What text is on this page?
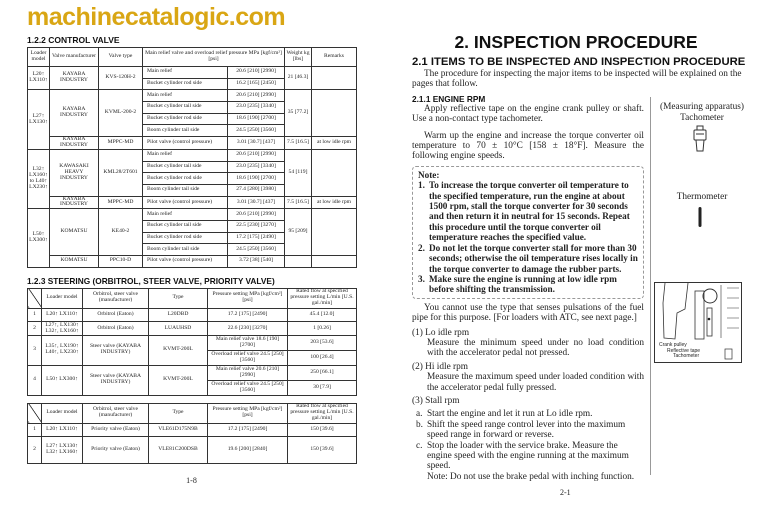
machinecatalogic.com
1.2.2 CONTROL VALVE
Loader model	Valve manufacturer	Valve type	Main relief valve and overload relief pressure MPa [kgf/cm²] [psi]		Weight kg [lbs]	Remarks
L20↑ LX110↑	KAYABA INDUSTRY	KVS-120H-2	Main relief	20.6 [210] [2990]	21 [46.3]	
			Bucket cylinder rod side	16.2 [165] [2450]		
L27↑ LX130↑	KAYABA INDUSTRY	KVML-200-2	Main relief	20.6 [210] [2990]	35 [77.2]	
			Bucket cylinder tail side	23.0 [235] [3340]		
			Bucket cylinder rod side	18.6 [190] [2700]		
			Boom cylinder tail side	24.5 [250] [3560]		
	KAYABA INDUSTRY	MPPC-MD	Pilot valve (control pressure)	3.01 [30.7] [437]	7.5 [16.5]	at low idle rpm
L32↑ LX160↑ to L40↑ LX230↑	KAWASAKI HEAVY INDUSTRY	KML28/2T601	Main relief	20.6 [210] [2990]	54 [119]	
			Bucket cylinder tail side	23.0 [235] [3340]		
			Bucket cylinder rod side	18.6 [190] [2700]		
			Boom cylinder tail side	27.4 [280] [3980]		
	KAYABA INDUSTRY	MPPC-MD	Pilot valve (control pressure)	3.01 [30.7] [437]	7.5 [16.5]	at low idle rpm
L50↑ LX300↑	KOMATSU	KE40-2	Main relief	20.6 [210] [2990]	95 [209]	
			Bucket cylinder tail side	22.5 [230] [3270]		
			Bucket cylinder rod side	17.2 [175] [2490]		
			Boom cylinder tail side	24.5 [250] [3560]		
	KOMATSU	PPC10-D	Pilot valve (control pressure)	3.72 [38] [540]		
1.2.3 STEERING (ORBITROL, STEER VALVE, PRIORITY VALVE)
	Loader model	Orbitrol, steer valve (manufacturer)	Type	Pressure setting MPa [kgf/cm²] [psi]	Rated flow at specified pressure setting L/min [U.S. gal./min]
1	L20↑ LX110↑	Orbitrol (Eaton)	L20DBD	17.2 [175] [2490]	45.4 [12.0]
2	L27↑, LX130↑ L32↑, LX160↑	Orbitrol (Eaton)	LUAUHSD	22.6 [230] [3270]	1 [0.26]
3	L35↑, LX190↑ L40↑, LX230↑	Steer valve (KAYABA INDUSTRY)	KVMT-200L	Main relief valve 18.6 [190] [2700]	203 [53.6]
				Overload relief valve 24.5 [250] [3560]	100 [26.4]
4	L50↑ LX300↑	Steer valve (KAYABA INDUSTRY)	KVMT-200L	Main relief valve 20.6 [210] [2990]	250 [66.1]
				Overload relief valve 24.5 [250] [3560]	30 [7.9]
	Loader model	Orbitrol, steer valve (manufacturer)	Type	Pressure setting MPa [kgf/cm²] [psi]	Rated flow at specified pressure setting L/min [U.S. gal./min]
1	L20↑ LX110↑	Priority valve (Eaton)	VLE61D175N9B	17.2 [175] [2490]	150 [39.6]
2	L27↑ LX130↑ L32↑ LX160↑	Priority valve (Eaton)	VLE81C200DSB	19.6 [200] [2840]	150 [39.6]
1-8
2. INSPECTION PROCEDURE
2.1 ITEMS TO BE INSPECTED AND INSPECTION PROCEDURE
The procedure for inspecting the major items to be inspected will be explained on the pages that follow.
2.1.1 ENGINE RPM
Apply reflective tape on the engine crank pulley or shaft. Use a non-contact type tachometer.
Warm up the engine and increase the torque converter oil temperature to 70 ± 10°C [158 ± 18°F]. Measure the following engine speeds.
Note:
1. To increase the torque converter oil temperature to the specified temperature, run the engine at about 1500 rpm, stall the torque converter for 30 seconds and then return it in neutral for 15 seconds. Repeat this procedure until the torque converter oil temperature reaches the specified value.
2. Do not let the torque converter stall for more than 30 seconds; otherwise the oil temperature rises locally in the torque converter to damage the rubber parts.
3. Make sure the engine is running at low idle rpm before shifting the transmission.
You cannot use the type that senses pulsations of the fuel pipe for this purpose. [For loaders with ATC, see next page.]
(1) Lo idle rpm
Measure the minimum speed under no load condition with the accelerator pedal not pressed.
(2) Hi idle rpm
Measure the maximum speed under loaded condition with the accelerator pedal fully pressed.
(3) Stall rpm
a. Start the engine and let it run at Lo idle rpm.
b. Shift the speed range control lever into the maximum speed range in forward or reverse.
c. Stop the loader with the service brake. Measure the engine speed with the engine running at the maximum speed.
Note: Do not use the brake pedal with inching function.
2-1
(Measuring apparatus)
Tachometer
Thermometer
Crank pulley
Reflective tape
Tachometer
